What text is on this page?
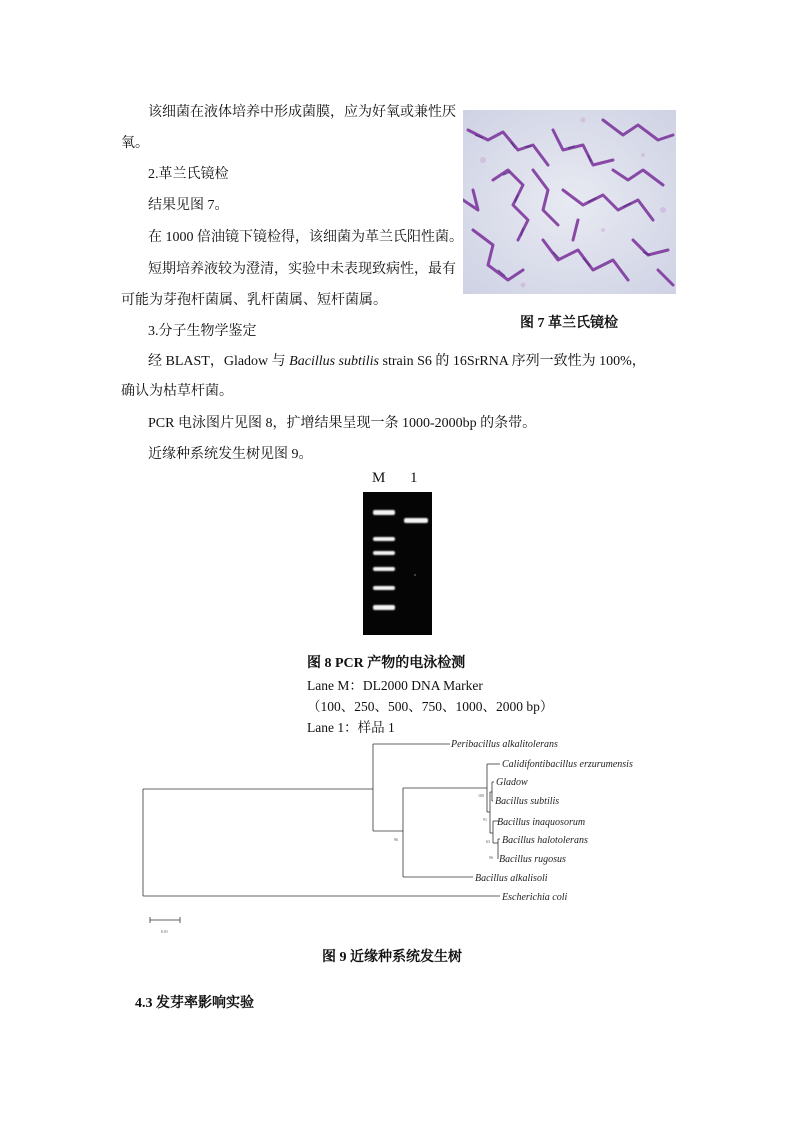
该细菌在液体培养中形成菌膜，应为好氧或兼性厌
氧。
2.革兰氏镜检
结果见图 7。
在 1000 倍油镜下镜检得，该细菌为革兰氏阳性菌。
短期培养液较为澄清，实验中未表现致病性，最有
可能为芽孢杆菌属、乳杆菌属、短杆菌属。
图 7 革兰氏镜检
3.分子生物学鉴定
经 BLAST，Gladow 与 Bacillus subtilis strain S6 的 16SrRNA 序列一致性为 100%，
确认为枯草杆菌。
PCR 电泳图片见图 8，扩增结果呈现一条 1000-2000bp 的条带。
近缘种系统发生树见图 9。
M 1
图 8 PCR 产物的电泳检测
Lane M：DL2000 DNA Marker
（100、250、500、750、1000、2000 bp）
Lane 1：样品 1
Peribacillus alkalitolerans
Calidifontibacillus erzurumensis
Gladow
Bacillus subtilis
Bacillus inaquosorum
Bacillus halotolerans
Bacillus rugosus
Bacillus alkalisoli
Escherichia coli
100
91
63
96
96
0.01
图 9 近缘种系统发生树
4.3 发芽率影响实验
